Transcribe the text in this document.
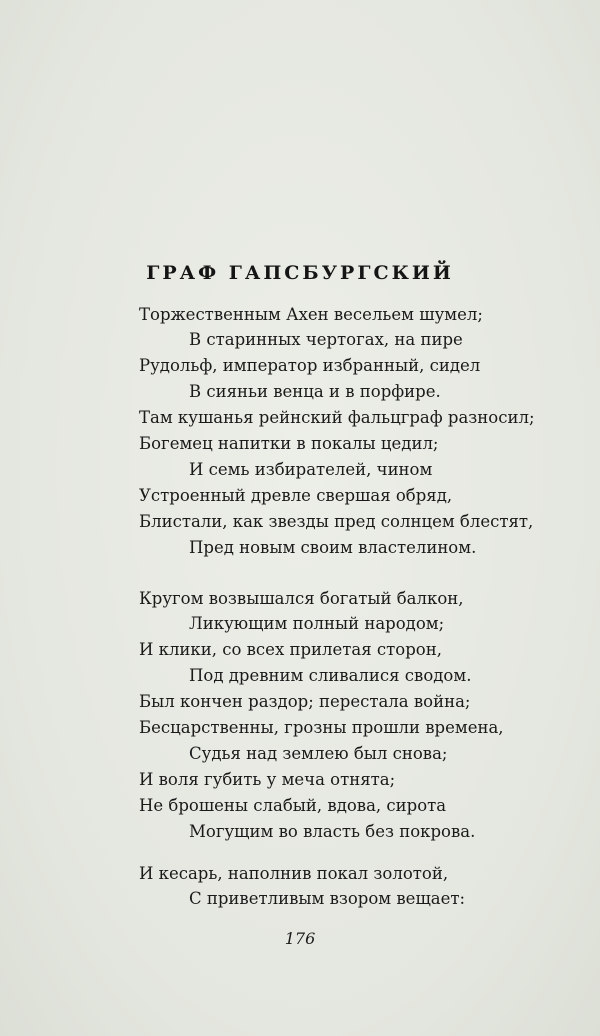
ГРАФ ГАПСБУРГСКИЙ
Торжественным Ахен весельем шумел;
В старинных чертогах, на пире
Рудольф, император избранный, сидел
В сияньи венца и в порфире.
Там кушанья рейнский фальцграф разносил;
Богемец напитки в покалы цедил;
И семь избирателей, чином
Устроенный древле свершая обряд,
Блистали, как звезды пред солнцем блестят,
Пред новым своим властелином.
Кругом возвышался богатый балкон,
Ликующим полный народом;
И клики, со всех прилетая сторон,
Под древним сливалися сводом.
Был кончен раздор; перестала война;
Бесцарственны, грозны прошли времена,
Судья над землею был снова;
И воля губить у меча отнята;
Не брошены слабый, вдова, сирота
Могущим во власть без покрова.
И кесарь, наполнив покал золотой,
С приветливым взором вещает:
176
